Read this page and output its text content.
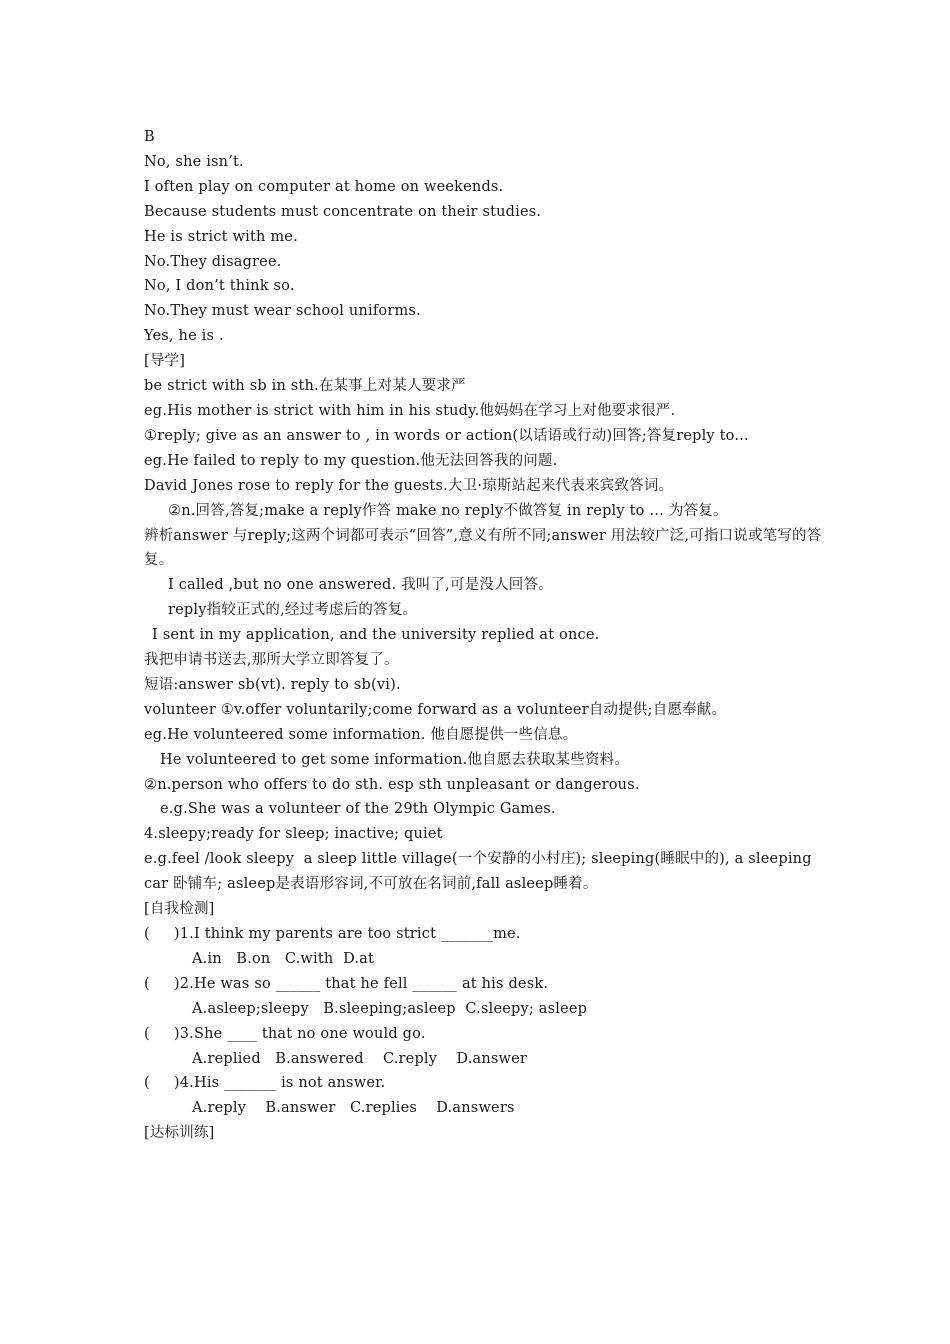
B
No, she isn’t.
I often play on computer at home on weekends.
Because students must concentrate on their studies.
He is strict with me.
No.They disagree.
No, I don’t think so.
No.They must wear school uniforms.
Yes, he is .
[导学]
be strict with sb in sth.在某事上对某人要求严
eg.His mother is strict with him in his study.他妈妈在学习上对他要求很严.
①reply; give as an answer to , in words or action(以话语或行动)回答;答复reply to...
eg.He failed to reply to my question.他无法回答我的问题.
David Jones rose to reply for the guests.大卫·琼斯站起来代表来宾致答词。
②n.回答,答复;make a reply作答 make no reply不做答复 in reply to … 为答复。
辨析answer 与reply;这两个词都可表示“回答”,意义有所不同;answer 用法较广泛,可指口说或笔写的答复。
I called ,but no one answered. 我叫了,可是没人回答。
reply指较正式的,经过考虑后的答复。
I sent in my application, and the university replied at once.
我把申请书送去,那所大学立即答复了。
短语:answer sb(vt). reply to sb(vi).
volunteer ①v.offer voluntarily;come forward as a volunteer自动提供;自愿奉献。
eg.He volunteered some information. 他自愿提供一些信息。
He volunteered to get some information.他自愿去获取某些资料。
②n.person who offers to do sth. esp sth unpleasant or dangerous.
e.g.She was a volunteer of the 29th Olympic Games.
4.sleepy;ready for sleep; inactive; quiet
e.g.feel /look sleepy  a sleep little village(一个安静的小村庄); sleeping(睡眠中的), a sleeping car 卧铺车; asleep是表语形容词,不可放在名词前,fall asleep睡着。
[自我检测]
(     )1.I think my parents are too strict _______me.
A.in   B.on   C.with  D.at
(     )2.He was so ______ that he fell ______ at his desk.
A.asleep;sleepy   B.sleeping;asleep  C.sleepy; asleep
(     )3.She ____ that no one would go.
A.replied   B.answered    C.reply    D.answer
(     )4.His _______ is not answer.
A.reply    B.answer   C.replies    D.answers
[达标训练]
